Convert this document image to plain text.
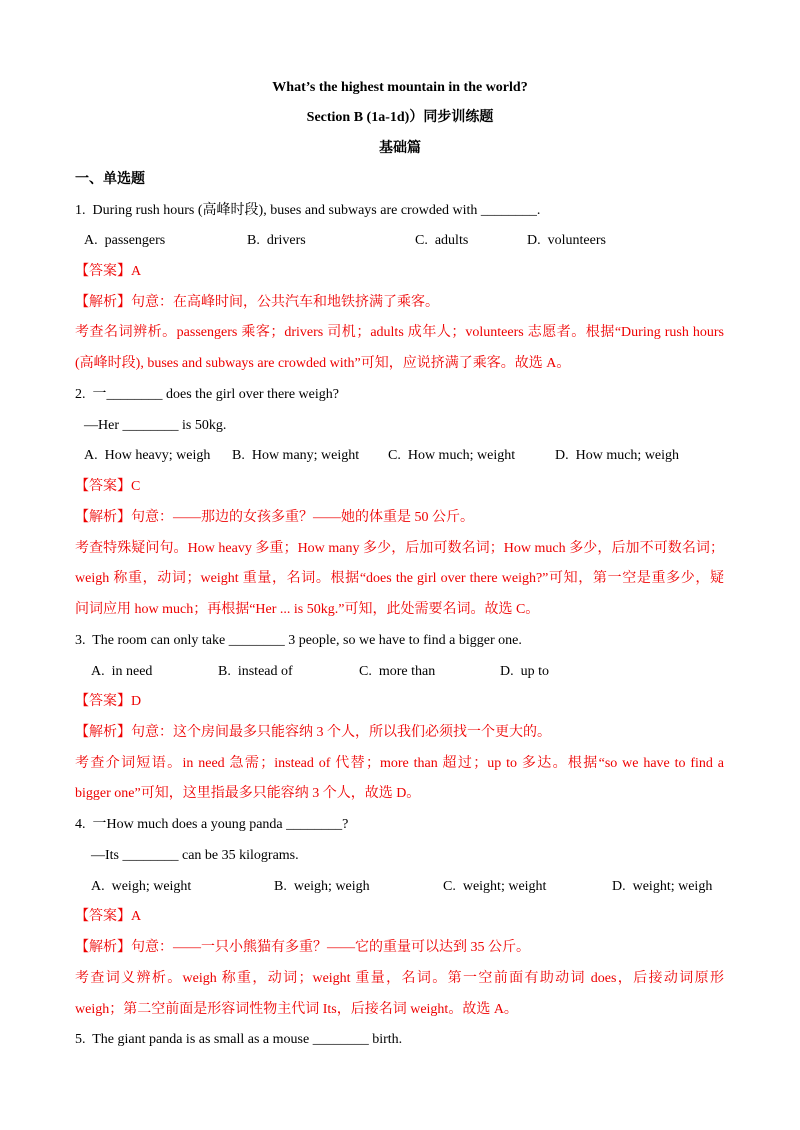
What’s the highest mountain in the world?
Section B (1a-1d)）同步训练题
基础篇
一、单选题
1.  During rush hours (高峰时段), buses and subways are crowded with ________.

A.  passengers

	B.  drivers

	C.  adults

	D.  volunteers

【答案】A
【解析】句意：在高峰时间，公共汽车和地铁挤满了乘客。
考查名词辨析。passengers 乘客；drivers 司机；adults 成年人；volunteers 志愿者。根据“During rush hours
(高峰时段), buses and subways are crowded with”可知，应说挤满了乘客。故选 A。
2.  一________ does the girl over there weigh?
—Her ________ is 50kg.

A.  How heavy; weigh

B.  How many; weight

C.  How much; weight

	D.  How much; weigh

【答案】C
【解析】句意：——那边的女孩多重？——她的体重是 50 公斤。
考查特殊疑问句。How heavy 多重；How many 多少，后加可数名词；How much 多少，后加不可数名词；
weigh 称重，动词；weight 重量，名词。根据“does the girl over there weigh?”可知，第一空是重多少，疑
问词应用 how much；再根据“Her ... is 50kg.”可知，此处需要名词。故选 C。
3.  The room can only take ________ 3 people, so we have to find a bigger one.

A.  in need

	B.  instead of

	C.  more than

	D.  up to

【答案】D
【解析】句意：这个房间最多只能容纳 3 个人，所以我们必须找一个更大的。
考查介词短语。in need 急需；instead of 代替；more than 超过；up to 多达。根据“so we have to find a
bigger one”可知，这里指最多只能容纳 3 个人，故选 D。
4.  一How much does a young panda ________?
—Its ________ can be 35 kilograms.

A.  weigh; weight

	B.  weigh; weigh

	C.  weight; weight

	D.  weight; weigh

【答案】A
【解析】句意：——一只小熊猫有多重？——它的重量可以达到 35 公斤。
考查词义辨析。weigh 称重，动词；weight 重量，名词。第一空前面有助动词 does，后接动词原形
weigh；第二空前面是形容词性物主代词 Its，后接名词 weight。故选 A。
5.  The giant panda is as small as a mouse ________ birth.
